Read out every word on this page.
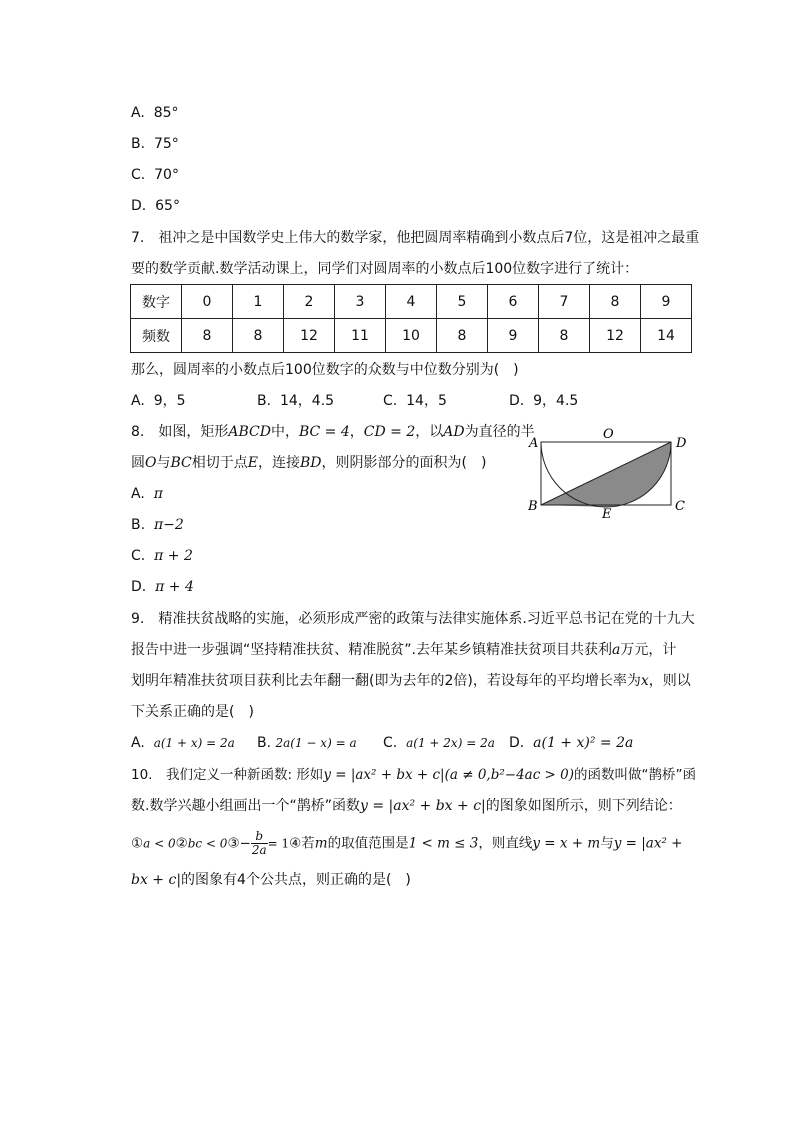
A. 85°
B. 75°
C. 70°
D. 65°
7. 祖冲之是中国数学史上伟大的数学家，他把圆周率精确到小数点后7位，这是祖冲之最重
要的数学贡献.数学活动课上，同学们对圆周率的小数点后100位数字进行了统计：
数字	0	1	2	3	4	5	6	7	8	9
频数	8	8	12	11	10	8	9	8	12	14
那么，圆周率的小数点后100位数字的众数与中位数分别为( )
A. 9，5	B. 14，4.5	C. 14，5	D. 9，4.5
8.  如图，矩形ABCD中，BC = 4，CD = 2，以AD为直径的半
圆O与BC相切于点E，连接BD，则阴影部分的面积为( )
A. π
B. π−2
C. π + 2
D. π + 4
A
O
D
B
E
C
9. 精准扶贫战略的实施，必须形成严密的政策与法律实施体系.习近平总书记在党的十九大
报告中进一步强调“坚持精准扶贫、精准脱贫”.去年某乡镇精准扶贫项目共获利a万元，计
划明年精准扶贫项目获利比去年翻一翻(即为去年的2倍)，若设每年的平均增长率为x，则以
下关系正确的是( )
A. a(1 + x) = 2a B. 2a(1 − x) = a C. a(1 + 2x) = 2a D. a(1 + x)² = 2a
10. 我们定义一种新函数: 形如y = |ax² + bx + c|(a ≠ 0,b²−4ac > 0)的函数叫做“鹊桥”函
数.数学兴趣小组画出一个“鹊桥”函数y = |ax² + bx + c|的图象如图所示，则下列结论：
①a < 0②bc < 0③− $\frac{b}{2a}$ = 1④若m的取值范围是1 < m ≤ 3，则直线y = x + m与y = |ax² +
bx + c|的图象有4个公共点，则正确的是( )
